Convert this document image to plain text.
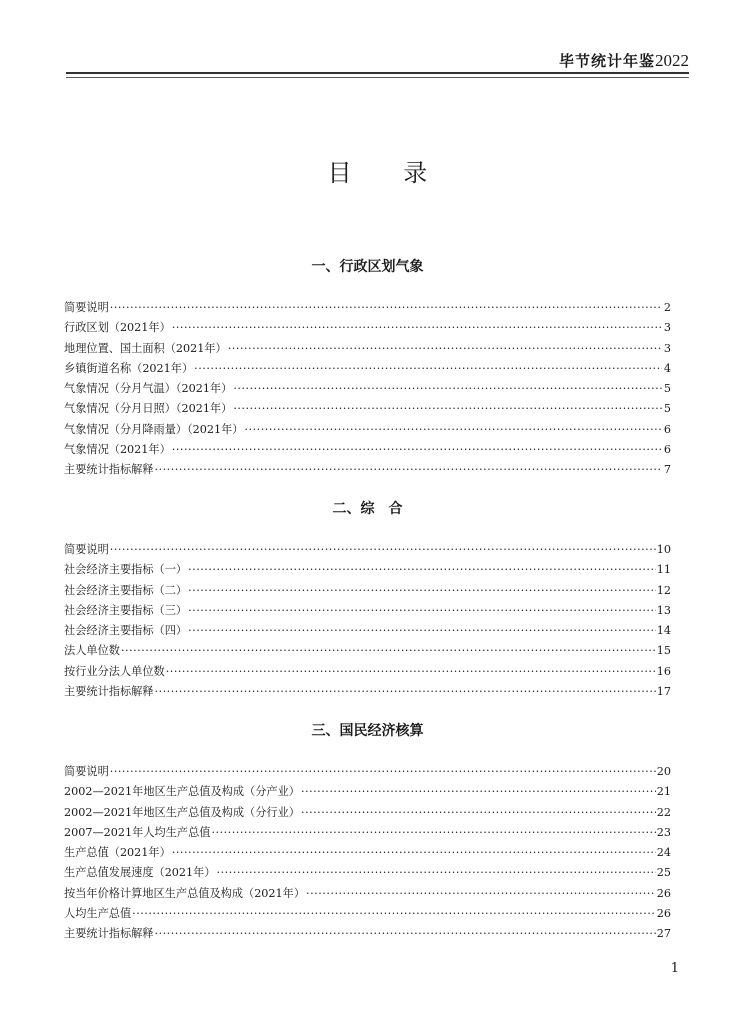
毕节统计年鉴2022
目 录
一、行政区划气象
简要说明 ·····	2
行政区划（2021年） ·····	3
地理位置、国土面积（2021年） ·····	3
乡镇街道名称（2021年） ·····	4
气象情况（分月气温）（2021年） ·····	5
气象情况（分月日照）（2021年） ·····	5
气象情况（分月降雨量）（2021年） ·····	6
气象情况（2021年） ·····	6
主要统计指标解释 ·····	7
二、综　合
简要说明 ·····	10
社会经济主要指标（一） ·····	11
社会经济主要指标（二） ·····	12
社会经济主要指标（三） ·····	13
社会经济主要指标（四） ·····	14
法人单位数 ·····	15
按行业分法人单位数 ·····	16
主要统计指标解释 ·····	17
三、国民经济核算
简要说明 ·····	20
2002—2021年地区生产总值及构成（分产业） ·····	21
2002—2021年地区生产总值及构成（分行业） ·····	22
2007—2021年人均生产总值 ·····	23
生产总值（2021年） ·····	24
生产总值发展速度（2021年） ·····	25
按当年价格计算地区生产总值及构成（2021年） ·····	26
人均生产总值 ·····	26
主要统计指标解释 ·····	27
1
